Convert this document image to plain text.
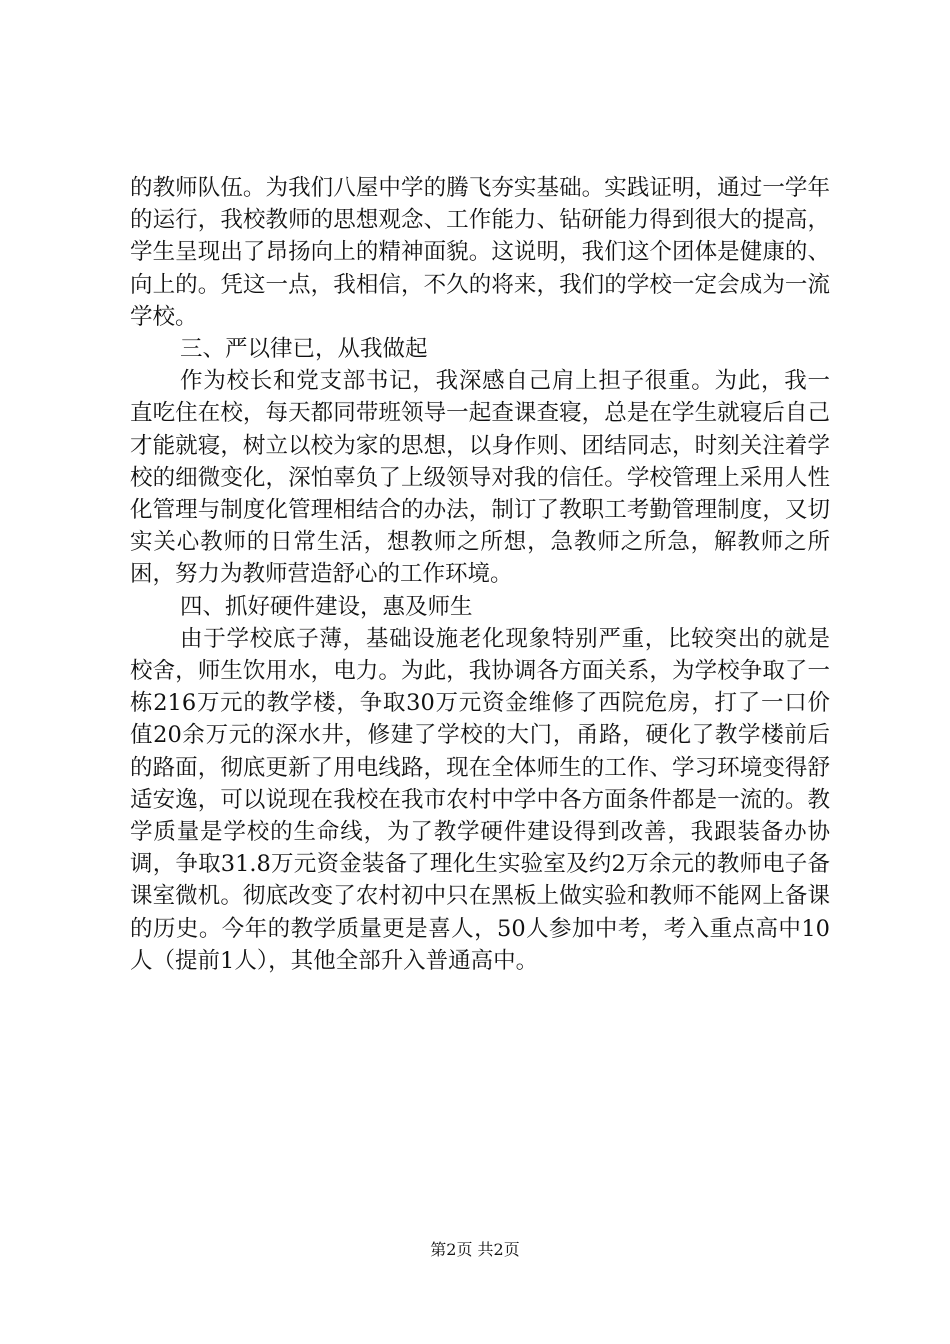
的教师队伍。为我们八屋中学的腾飞夯实基础。实践证明，通过一学年的运行，我校教师的思想观念、工作能力、钻研能力得到很大的提高，学生呈现出了昂扬向上的精神面貌。这说明，我们这个团体是健康的、向上的。凭这一点，我相信，不久的将来，我们的学校一定会成为一流学校。

三、严以律已，从我做起

作为校长和党支部书记，我深感自己肩上担子很重。为此，我一直吃住在校，每天都同带班领导一起查课查寝，总是在学生就寝后自己才能就寝，树立以校为家的思想，以身作则、团结同志，时刻关注着学校的细微变化，深怕辜负了上级领导对我的信任。学校管理上采用人性化管理与制度化管理相结合的办法，制订了教职工考勤管理制度，又切实关心教师的日常生活，想教师之所想，急教师之所急，解教师之所困，努力为教师营造舒心的工作环境。

四、抓好硬件建设，惠及师生

由于学校底子薄，基础设施老化现象特别严重，比较突出的就是校舍，师生饮用水，电力。为此，我协调各方面关系，为学校争取了一栋216万元的教学楼，争取30万元资金维修了西院危房，打了一口价值20余万元的深水井，修建了学校的大门，甬路，硬化了教学楼前后的路面，彻底更新了用电线路，现在全体师生的工作、学习环境变得舒适安逸，可以说现在我校在我市农村中学中各方面条件都是一流的。教学质量是学校的生命线，为了教学硬件建设得到改善，我跟装备办协调，争取31.8万元资金装备了理化生实验室及约2万余元的教师电子备课室微机。彻底改变了农村初中只在黑板上做实验和教师不能网上备课的历史。今年的教学质量更是喜人，50人参加中考，考入重点高中10人（提前1人），其他全部升入普通高中。

第2页 共2页
